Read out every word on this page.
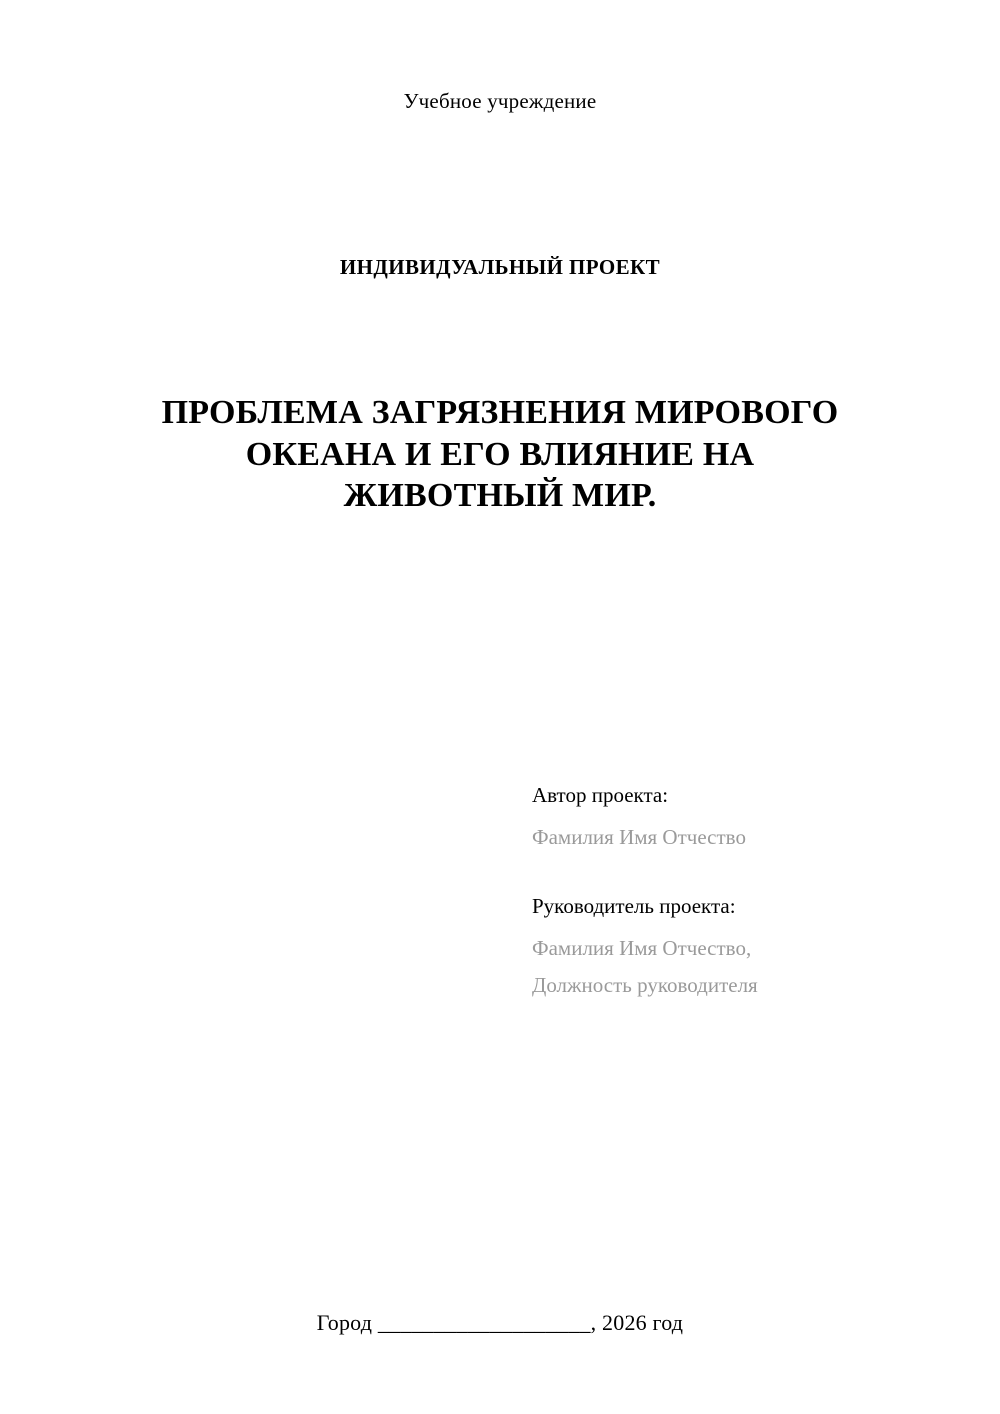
Учебное учреждение
ИНДИВИДУАЛЬНЫЙ ПРОЕКТ
ПРОБЛЕМА ЗАГРЯЗНЕНИЯ МИРОВОГО ОКЕАНА И ЕГО ВЛИЯНИЕ НА ЖИВОТНЫЙ МИР.
Автор проекта:
Фамилия Имя Отчество
Руководитель проекта:
Фамилия Имя Отчество,
Должность руководителя
Город ___________________, 2026 год
